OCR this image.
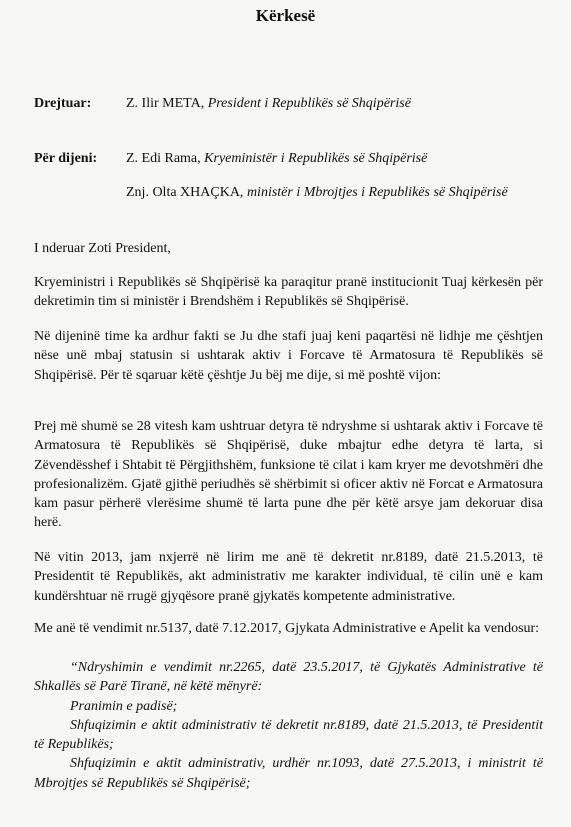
Kërkesë
Drejtuar: Z. Ilir META, President i Republikës së Shqipërisë
Për dijeni: Z. Edi Rama, Kryeministër i Republikës së Shqipërisë
Znj. Olta XHAÇKA, ministër i Mbrojtjes i Republikës së Shqipërisë
I nderuar Zoti President,
Kryeministri i Republikës së Shqipërisë ka paraqitur pranë institucionit Tuaj kërkesën për dekretimin tim si ministër i Brendshëm i Republikës së Shqipërisë.
Në dijeninë time ka ardhur fakti se Ju dhe stafi juaj keni paqartësi në lidhje me çështjen nëse unë mbaj statusin si ushtarak aktiv i Forcave të Armatosura të Republikës së Shqipërisë. Për të sqaruar këtë çështje Ju bëj me dije, si më poshtë vijon:
Prej më shumë se 28 vitesh kam ushtruar detyra të ndryshme si ushtarak aktiv i Forcave të Armatosura të Republikës së Shqipërisë, duke mbajtur edhe detyra të larta, si Zëvendësshef i Shtabit të Përgjithshëm, funksione të cilat i kam kryer me devotshmëri dhe profesionalizëm. Gjatë gjithë periudhës së shërbimit si oficer aktiv në Forcat e Armatosura kam pasur përherë vlerësime shumë të larta pune dhe për këtë arsye jam dekoruar disa herë.
Në vitin 2013, jam nxjerrë në lirim me anë të dekretit nr.8189, datë 21.5.2013, të Presidentit të Republikës, akt administrativ me karakter individual, të cilin unë e kam kundërshtuar në rrugë gjyqësore pranë gjykatës kompetente administrative.
Me anë të vendimit nr.5137, datë 7.12.2017, Gjykata Administrative e Apelit ka vendosur:

“Ndryshimin e vendimit nr.2265, datë 23.5.2017, të Gjykatës Administrative të Shkallës së Parë Tiranë, në këtë mënyrë:

Pranimin e padisë;

Shfuqizimin e aktit administrativ të dekretit nr.8189, datë 21.5.2013, të Presidentit të Republikës;

Shfuqizimin e aktit administrativ, urdhër nr.1093, datë 27.5.2013, i ministrit të Mbrojtjes së Republikës së Shqipërisë;
